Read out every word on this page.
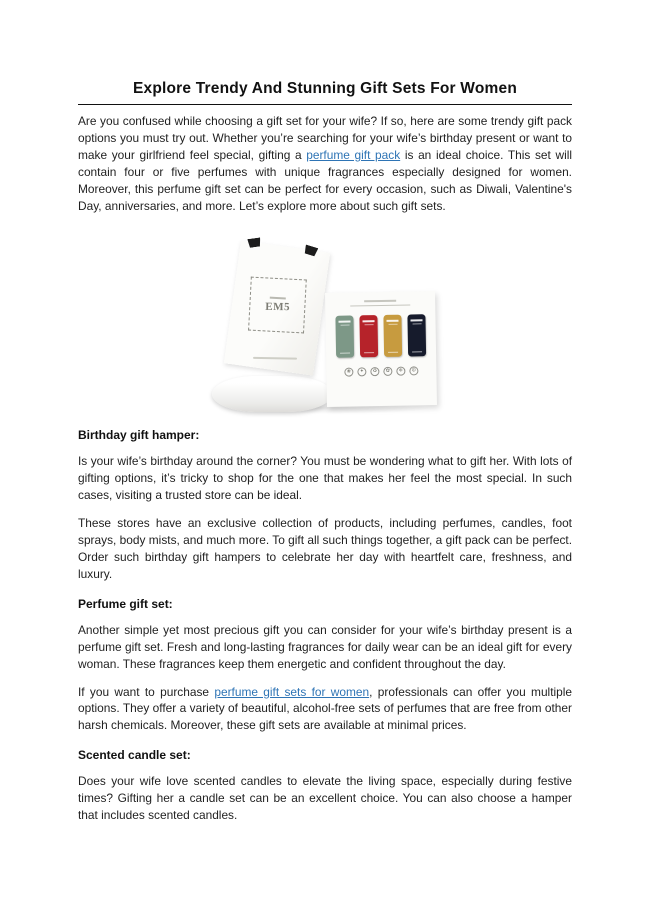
Explore Trendy And Stunning Gift Sets For Women

Are you confused while choosing a gift set for your wife? If so, here are some trendy gift pack options you must try out. Whether you’re searching for your wife’s birthday present or want to make your girlfriend feel special, gifting a perfume gift pack is an ideal choice. This set will contain four or five perfumes with unique fragrances especially designed for women. Moreover, this perfume gift set can be perfect for every occasion, such as Diwali, Valentine's Day, anniversaries, and more. Let’s explore more about such gift sets.

EM5
❀	✦	♻	✿	❄	☮
Birthday gift hamper:

Is your wife’s birthday around the corner? You must be wondering what to gift her. With lots of gifting options, it’s tricky to shop for the one that makes her feel the most special. In such cases, visiting a trusted store can be ideal.

These stores have an exclusive collection of products, including perfumes, candles, foot sprays, body mists, and much more. To gift all such things together, a gift pack can be perfect. Order such birthday gift hampers to celebrate her day with heartfelt care, freshness, and luxury.

Perfume gift set:

Another simple yet most precious gift you can consider for your wife’s birthday present is a perfume gift set. Fresh and long-lasting fragrances for daily wear can be an ideal gift for every woman. These fragrances keep them energetic and confident throughout the day.

If you want to purchase perfume gift sets for women, professionals can offer you multiple options. They offer a variety of beautiful, alcohol-free sets of perfumes that are free from other harsh chemicals. Moreover, these gift sets are available at minimal prices.

Scented candle set:

Does your wife love scented candles to elevate the living space, especially during festive times? Gifting her a candle set can be an excellent choice. You can also choose a hamper that includes scented candles.
